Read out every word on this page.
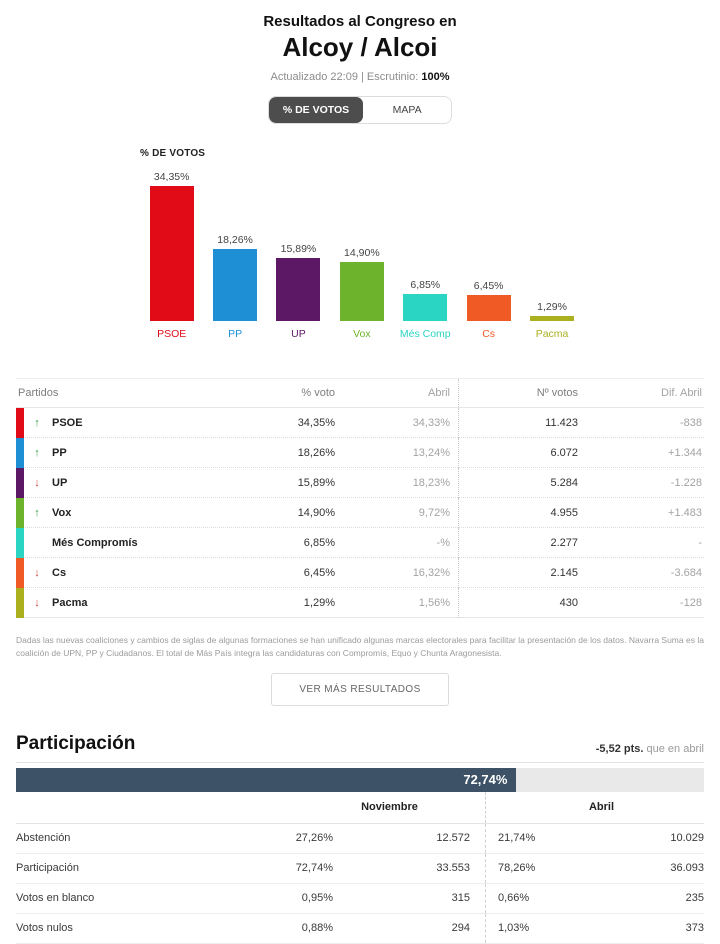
Resultados al Congreso en
Alcoy / Alcoi
Actualizado 22:09 | Escrutinio: 100%
% DE VOTOS	MAPA
% DE VOTOS
34,35%
PSOE
18,26%
PP
15,89%
UP
14,90%
Vox
6,85%
Més Comp
6,45%
Cs
1,29%
Pacma
Partidos	% voto	Abril	Nº votos	Dif. Abril
↑	PSOE	34,35%	34,33%	11.423	-838
↑	PP	18,26%	13,24%	6.072	+1.344
↓	UP	15,89%	18,23%	5.284	-1.228
↑	Vox	14,90%	9,72%	4.955	+1.483
Més Compromís	6,85%	-%	2.277	-
↓	Cs	6,45%	16,32%	2.145	-3.684
↓	Pacma	1,29%	1,56%	430	-128

Dadas las nuevas coaliciones y cambios de siglas de algunas formaciones se han unificado algunas marcas electorales para facilitar la presentación de los datos. Navarra Suma es la coalición de UPN, PP y Ciudadanos. El total de Más País integra las candidaturas con Compromís, Equo y Chunta Aragonesista.

VER MÁS RESULTADOS
Participación	-5,52 pts. que en abril
72,74%
Noviembre	Abril
Abstención	27,26%	12.572	21,74%	10.029
Participación	72,74%	33.553	78,26%	36.093
Votos en blanco	0,95%	315	0,66%	235
Votos nulos	0,88%	294	1,03%	373
